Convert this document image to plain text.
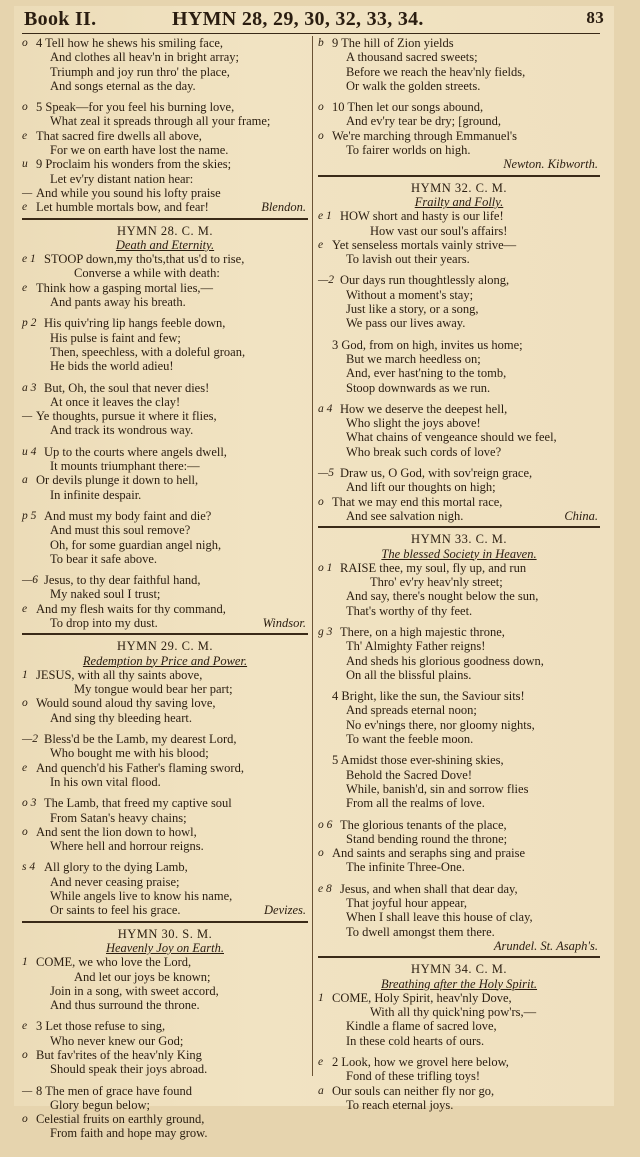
Book II.	HYMN 28, 29, 30, 32, 33, 34.	83
o 4 Tell how he shews his smiling face,
And clothes all heav'n in bright array;
Triumph and joy run thro' the place,
And songs eternal as the day.
o 5 Speak—for you feel his burning love,
What zeal it spreads through all your frame;
e That sacred fire dwells all above,
For we on earth have lost the name.
u 9 Proclaim his wonders from the skies;
Let ev'ry distant nation hear:
— And while you sound his lofty praise
e Let humble mortals bow, and fear!	Blendon.
HYMN 28. C. M.
Death and Eternity.
e 1 STOOP down,my tho'ts,that us'd to rise,
Converse a while with death:
e Think how a gasping mortal lies,—
And pants away his breath.
p 2 His quiv'ring lip hangs feeble down,
His pulse is faint and few;
Then, speechless, with a doleful groan,
He bids the world adieu!
a 3 But, Oh, the soul that never dies!
At once it leaves the clay!
— Ye thoughts, pursue it where it flies,
And track its wondrous way.
u 4 Up to the courts where angels dwell,
It mounts triumphant there:—
a Or devils plunge it down to hell,
In infinite despair.
p 5 And must my body faint and die?
And must this soul remove?
Oh, for some guardian angel nigh,
To bear it safe above.
—6 Jesus, to thy dear faithful hand,
My naked soul I trust;
e And my flesh waits for thy command,
To drop into my dust.	Windsor.
HYMN 29. C. M.
Redemption by Price and Power.
1 JESUS, with all thy saints above,
My tongue would bear her part;
o Would sound aloud thy saving love,
And sing thy bleeding heart.
—2 Bless'd be the Lamb, my dearest Lord,
Who bought me with his blood;
e And quench'd his Father's flaming sword,
In his own vital flood.
o 3 The Lamb, that freed my captive soul
From Satan's heavy chains;
o And sent the lion down to howl,
Where hell and horrour reigns.
s 4 All glory to the dying Lamb,
And never ceasing praise;
While angels live to know his name,
Or saints to feel his grace.	Devizes.
HYMN 30. S. M.
Heavenly Joy on Earth.
1 COME, we who love the Lord,
And let our joys be known;
Join in a song, with sweet accord,
And thus surround the throne.
e 3 Let those refuse to sing,
Who never knew our God;
o But fav'rites of the heav'nly King
Should speak their joys abroad.
— 8 The men of grace have found
Glory begun below;
o Celestial fruits on earthly ground,
From faith and hope may grow.
b 9 The hill of Zion yields
A thousand sacred sweets;
Before we reach the heav'nly fields,
Or walk the golden streets.
o 10 Then let our songs abound,
And ev'ry tear be dry; [ground,
o We're marching through Emmanuel's
To fairer worlds on high.
Newton. Kibworth.
HYMN 32. C. M.
Frailty and Folly.
e 1 HOW short and hasty is our life!
How vast our soul's affairs!
e Yet senseless mortals vainly strive—
To lavish out their years.
—2 Our days run thoughtlessly along,
Without a moment's stay;
Just like a story, or a song,
We pass our lives away.
3 God, from on high, invites us home;
But we march heedless on;
And, ever hast'ning to the tomb,
Stoop downwards as we run.
a 4 How we deserve the deepest hell,
Who slight the joys above!
What chains of vengeance should we feel,
Who break such cords of love?
—5 Draw us, O God, with sov'reign grace,
And lift our thoughts on high;
o That we may end this mortal race,
And see salvation nigh.	China.
HYMN 33. C. M.
The blessed Society in Heaven.
o 1 RAISE thee, my soul, fly up, and run
Thro' ev'ry heav'nly street;
And say, there's nought below the sun,
That's worthy of thy feet.
g 3 There, on a high majestic throne,
Th' Almighty Father reigns!
And sheds his glorious goodness down,
On all the blissful plains.
4 Bright, like the sun, the Saviour sits!
And spreads eternal noon;
No ev'nings there, nor gloomy nights,
To want the feeble moon.
5 Amidst those ever-shining skies,
Behold the Sacred Dove!
While, banish'd, sin and sorrow flies
From all the realms of love.
o 6 The glorious tenants of the place,
Stand bending round the throne;
o And saints and seraphs sing and praise
The infinite Three-One.
e 8 Jesus, and when shall that dear day,
That joyful hour appear,
When I shall leave this house of clay,
To dwell amongst them there.
Arundel. St. Asaph's.
HYMN 34. C. M.
Breathing after the Holy Spirit.
1 COME, Holy Spirit, heav'nly Dove,
With all thy quick'ning pow'rs,—
Kindle a flame of sacred love,
In these cold hearts of ours.
e 2 Look, how we grovel here below,
Fond of these trifling toys!
a Our souls can neither fly nor go,
To reach eternal joys.
